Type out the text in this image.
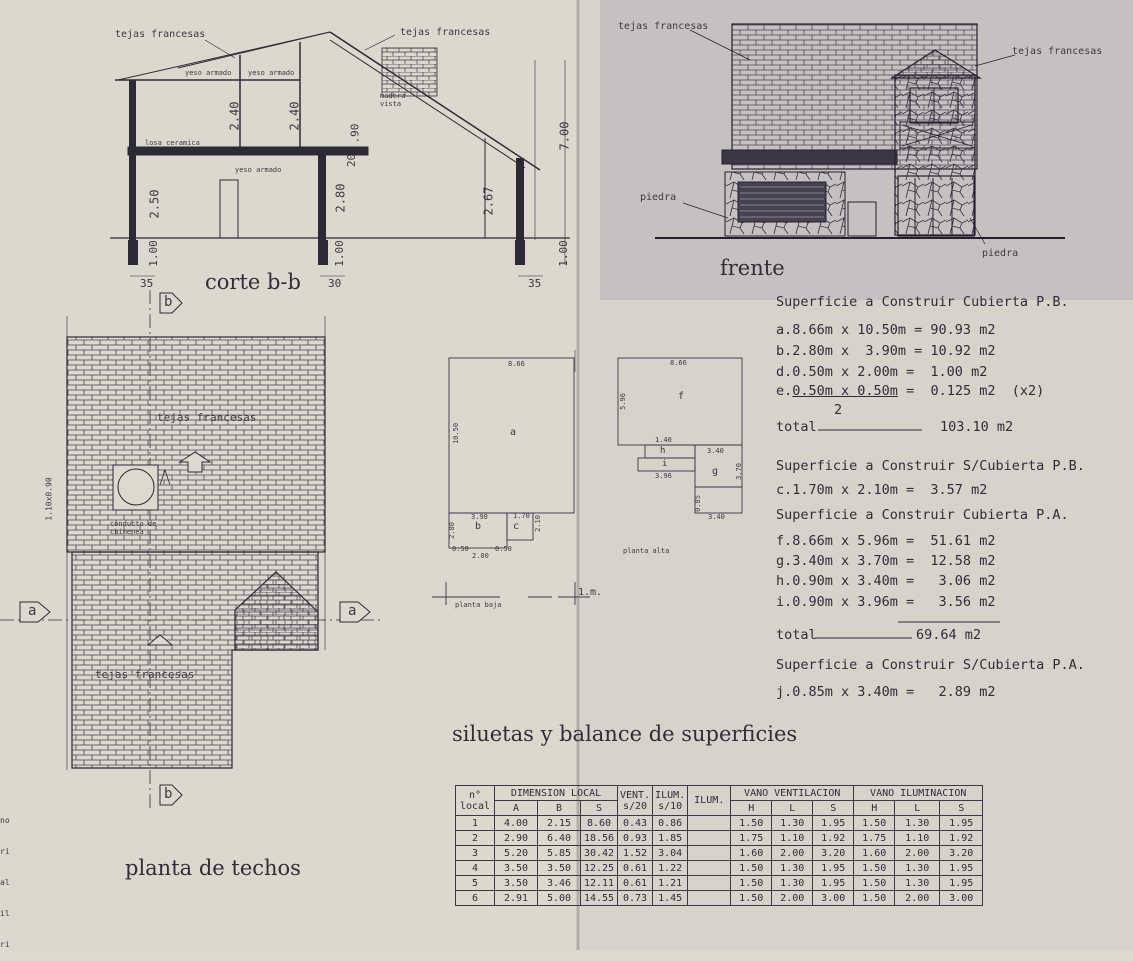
tejas francesas	tejas francesas
yeso armado yeso armado
madera
vista
losa ceramica
yeso armado
2.40	2.40
2.50	2.80	2.67
7.00
.90
20
1.00	1.00	1.00
35	30	35
corte b-b
tejas francesas
tejas francesas
piedra
piedra
frente
tejas francesas
tejas francesas
b
b
a	a
1.10x0.90
conducto de
chimenea
planta de techos
a
b	c
f
g
h
i
8.66
10.50
8.66
5.96
3.90
2.80
2.00
1.70 2.10
1.40
3.96
3.40
3.70
3.40
0.85
0.50	0.50
planta baja
planta alta
1.m.
siluetas y balance de superficies
Superficie a Construir Cubierta P.B.
a.8.66m x 10.50m = 90.93 m2
b.2.80m x  3.90m = 10.92 m2
d.0.50m x 2.00m =  1.00 m2
e.0.50m x 0.50m =  0.125 m2  (x2)
2
total	103.10 m2
Superficie a Construir S/Cubierta P.B.
c.1.70m x 2.10m =  3.57 m2
Superficie a Construir Cubierta P.A.
f.8.66m x 5.96m =  51.61 m2
g.3.40m x 3.70m =  12.58 m2
h.0.90m x 3.40m =   3.06 m2
i.0.90m x 3.96m =   3.56 m2
total	69.64 m2
Superficie a Construir S/Cubierta P.A.
j.0.85m x 3.40m =   2.89 m2

no

ri

al

il

ri

n°
local	DIMENSION LOCAL			VENT.
s/20	ILUM.
s/10	ILUM.	VANO VENTILACION			VANO ILUMINACION		
	A	B	S				H	L	S	H	L	S
1	4.00	2.15	8.60	0.43	0.86		1.50	1.30	1.95	1.50	1.30	1.95
2	2.90	6.40	18.56	0.93	1.85		1.75	1.10	1.92	1.75	1.10	1.92
3	5.20	5.85	30.42	1.52	3.04		1.60	2.00	3.20	1.60	2.00	3.20
4	3.50	3.50	12.25	0.61	1.22		1.50	1.30	1.95	1.50	1.30	1.95
5	3.50	3.46	12.11	0.61	1.21		1.50	1.30	1.95	1.50	1.30	1.95
6	2.91	5.00	14.55	0.73	1.45		1.50	2.00	3.00	1.50	2.00	3.00
